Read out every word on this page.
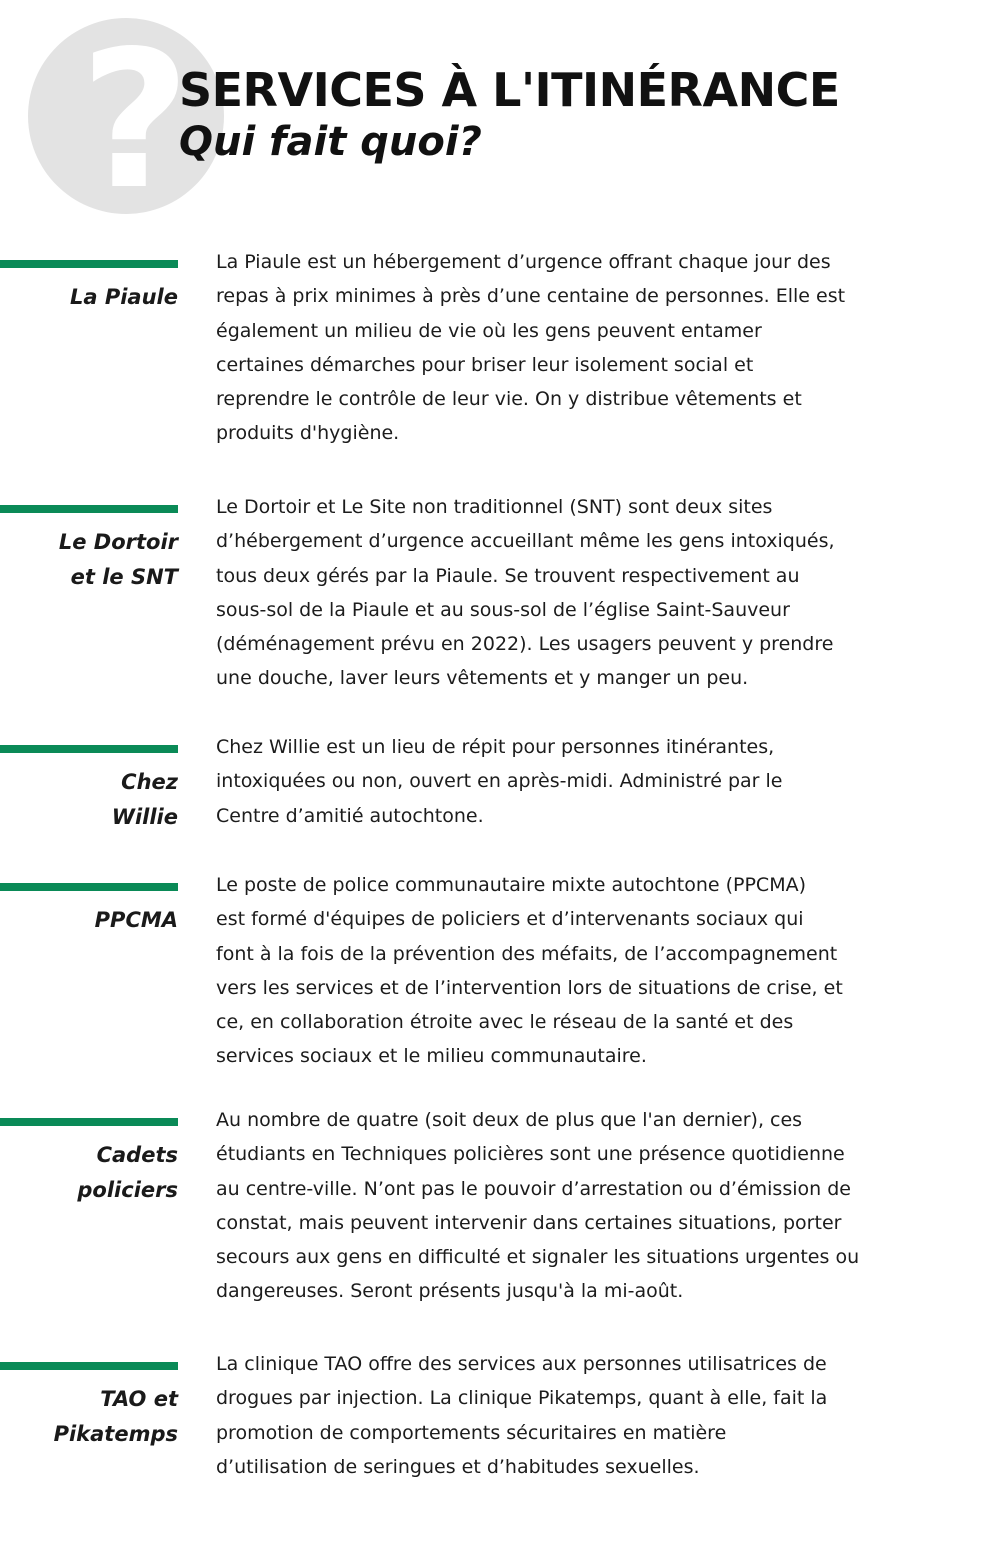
?
SERVICES À L'ITINÉRANCE
Qui fait quoi?
La Piaule

La Piaule est un hébergement d’urgence offrant chaque jour des
repas à prix minimes à près d’une centaine de personnes. Elle est
également un milieu de vie où les gens peuvent entamer
certaines démarches pour briser leur isolement social et
reprendre le contrôle de leur vie. On y distribue vêtements et
produits d'hygiène.

Le Dortoir
et le SNT

Le Dortoir et Le Site non traditionnel (SNT) sont deux sites
d’hébergement d’urgence accueillant même les gens intoxiqués,
tous deux gérés par la Piaule. Se trouvent respectivement au
sous-sol de la Piaule et au sous-sol de l’église Saint-Sauveur
(déménagement prévu en 2022). Les usagers peuvent y prendre
une douche, laver leurs vêtements et y manger un peu.

Chez
Willie

Chez Willie est un lieu de répit pour personnes itinérantes,
intoxiquées ou non, ouvert en après-midi. Administré par le
Centre d’amitié autochtone.

PPCMA

Le poste de police communautaire mixte autochtone (PPCMA)
est formé d'équipes de policiers et d’intervenants sociaux qui
font à la fois de la prévention des méfaits, de l’accompagnement
vers les services et de l’intervention lors de situations de crise, et
ce, en collaboration étroite avec le réseau de la santé et des
services sociaux et le milieu communautaire.

Cadets
policiers

Au nombre de quatre (soit deux de plus que l'an dernier), ces
étudiants en Techniques policières sont une présence quotidienne
au centre-ville. N’ont pas le pouvoir d’arrestation ou d’émission de
constat, mais peuvent intervenir dans certaines situations, porter
secours aux gens en difficulté et signaler les situations urgentes ou
dangereuses. Seront présents jusqu'à la mi-août.

TAO et
Pikatemps

La clinique TAO offre des services aux personnes utilisatrices de
drogues par injection. La clinique Pikatemps, quant à elle, fait la
promotion de comportements sécuritaires en matière
d’utilisation de seringues et d’habitudes sexuelles.
